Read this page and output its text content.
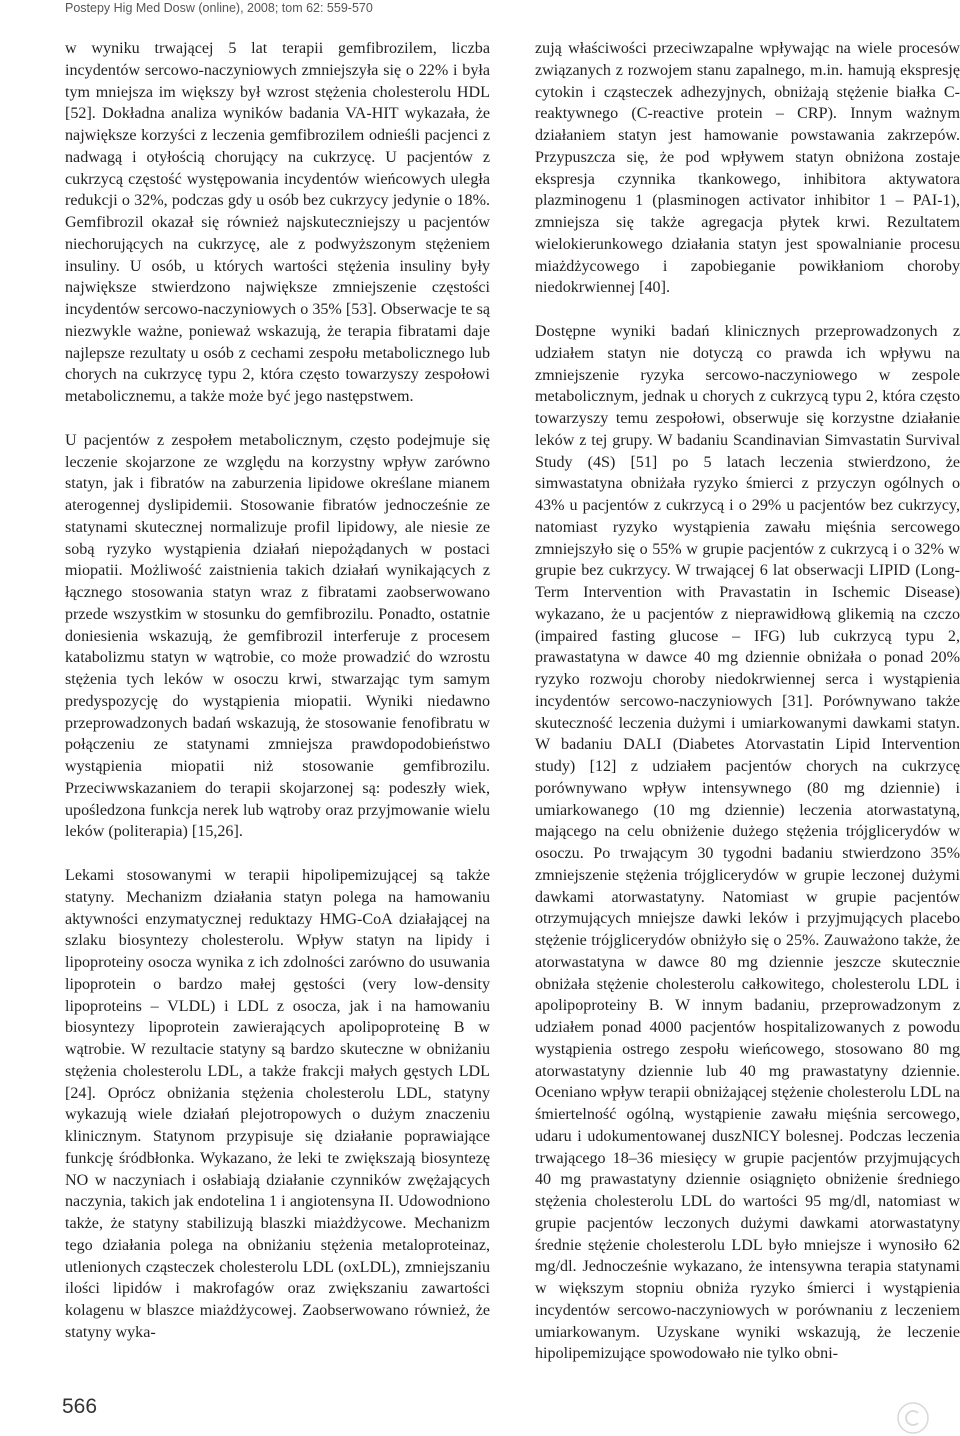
Postepy Hig Med Dosw (online), 2008; tom 62: 559-570

w wyniku trwającej 5 lat terapii gemfibrozilem, liczba incydentów sercowo-naczyniowych zmniejszyła się o 22% i była tym mniejsza im większy był wzrost stężenia cholesterolu HDL [52]. Dokładna analiza wyników badania VA-HIT wykazała, że największe korzyści z leczenia gemfibrozilem odnieśli pacjenci z nadwagą i otyłością chorujący na cukrzycę. U pacjentów z cukrzycą częstość występowania incydentów wieńcowych uległa redukcji o 32%, podczas gdy u osób bez cukrzycy jedynie o 18%. Gemfibrozil okazał się również najskuteczniejszy u pacjentów niechorujących na cukrzycę, ale z podwyższonym stężeniem insuliny. U osób, u których wartości stężenia insuliny były największe stwierdzono największe zmniejszenie częstości incydentów sercowo-naczyniowych o 35% [53]. Obserwacje te są niezwykle ważne, ponieważ wskazują, że terapia fibratami daje najlepsze rezultaty u osób z cechami zespołu metabolicznego lub chorych na cukrzycę typu 2, która często towarzyszy zespołowi metabolicznemu, a także może być jego następstwem.

U pacjentów z zespołem metabolicznym, często podejmuje się leczenie skojarzone ze względu na korzystny wpływ zarówno statyn, jak i fibratów na zaburzenia lipidowe określane mianem aterogennej dyslipidemii. Stosowanie fibratów jednocześnie ze statynami skutecznej normalizuje profil lipidowy, ale niesie ze sobą ryzyko wystąpienia działań niepożądanych w postaci miopatii. Możliwość zaistnienia takich działań wynikających z łącznego stosowania statyn wraz z fibratami zaobserwowano przede wszystkim w stosunku do gemfibrozilu. Ponadto, ostatnie doniesienia wskazują, że gemfibrozil interferuje z procesem katabolizmu statyn w wątrobie, co może prowadzić do wzrostu stężenia tych leków w osoczu krwi, stwarzając tym samym predyspozycję do wystąpienia miopatii. Wyniki niedawno przeprowadzonych badań wskazują, że stosowanie fenofibratu w połączeniu ze statynami zmniejsza prawdopodobieństwo wystąpienia miopatii niż stosowanie gemfibrozilu. Przeciwwskazaniem do terapii skojarzonej są: podeszły wiek, upośledzona funkcja nerek lub wątroby oraz przyjmowanie wielu leków (politerapia) [15,26].

Lekami stosowanymi w terapii hipolipemizującej są także statyny. Mechanizm działania statyn polega na hamowaniu aktywności enzymatycznej reduktazy HMG-CoA działającej na szlaku biosyntezy cholesterolu. Wpływ statyn na lipidy i lipoproteiny osocza wynika z ich zdolności zarówno do usuwania lipoprotein o bardzo małej gęstości (very low-density lipoproteins – VLDL) i LDL z osocza, jak i na hamowaniu biosyntezy lipoprotein zawierających apolipoproteinę B w wątrobie. W rezultacie statyny są bardzo skuteczne w obniżaniu stężenia cholesterolu LDL, a także frakcji małych gęstych LDL [24]. Oprócz obniżania stężenia cholesterolu LDL, statyny wykazują wiele działań plejotropowych o dużym znaczeniu klinicznym. Statynom przypisuje się działanie poprawiające funkcję śródbłonka. Wykazano, że leki te zwiększają biosyntezę NO w naczyniach i osłabiają działanie czynników zwężających naczynia, takich jak endotelina 1 i angiotensyna II. Udowodniono także, że statyny stabilizują blaszki miażdżycowe. Mechanizm tego działania polega na obniżaniu stężenia metaloproteinaz, utlenionych cząsteczek cholesterolu LDL (oxLDL), zmniejszaniu ilości lipidów i makrofagów oraz zwiększaniu zawartości kolagenu w blaszce miażdżycowej. Zaobserwowano również, że statyny wyka-

zują właściwości przeciwzapalne wpływając na wiele procesów związanych z rozwojem stanu zapalnego, m.in. hamują ekspresję cytokin i cząsteczek adhezyjnych, obniżają stężenie białka C-reaktywnego (C-reactive protein – CRP). Innym ważnym działaniem statyn jest hamowanie powstawania zakrzepów. Przypuszcza się, że pod wpływem statyn obniżona zostaje ekspresja czynnika tkankowego, inhibitora aktywatora plazminogenu 1 (plasminogen activator inhibitor 1 – PAI-1), zmniejsza się także agregacja płytek krwi. Rezultatem wielokierunkowego działania statyn jest spowalnianie procesu miażdżycowego i zapobieganie powikłaniom choroby niedokrwiennej [40].

Dostępne wyniki badań klinicznych przeprowadzonych z udziałem statyn nie dotyczą co prawda ich wpływu na zmniejszenie ryzyka sercowo-naczyniowego w zespole metabolicznym, jednak u chorych z cukrzycą typu 2, która często towarzyszy temu zespołowi, obserwuje się korzystne działanie leków z tej grupy. W badaniu Scandinavian Simvastatin Survival Study (4S) [51] po 5 latach leczenia stwierdzono, że simwastatyna obniżała ryzyko śmierci z przyczyn ogólnych o 43% u pacjentów z cukrzycą i o 29% u pacjentów bez cukrzycy, natomiast ryzyko wystąpienia zawału mięśnia sercowego zmniejszyło się o 55% w grupie pacjentów z cukrzycą i o 32% w grupie bez cukrzycy. W trwającej 6 lat obserwacji LIPID (Long-Term Intervention with Pravastatin in Ischemic Disease) wykazano, że u pacjentów z nieprawidłową glikemią na czczo (impaired fasting glucose – IFG) lub cukrzycą typu 2, prawastatyna w dawce 40 mg dziennie obniżała o ponad 20% ryzyko rozwoju choroby niedokrwiennej serca i wystąpienia incydentów sercowo-naczyniowych [31]. Porównywano także skuteczność leczenia dużymi i umiarkowanymi dawkami statyn. W badaniu DALI (Diabetes Atorvastatin Lipid Intervention study) [12] z udziałem pacjentów chorych na cukrzycę porównywano wpływ intensywnego (80 mg dziennie) i umiarkowanego (10 mg dziennie) leczenia atorwastatyną, mającego na celu obniżenie dużego stężenia trójglicerydów w osoczu. Po trwającym 30 tygodni badaniu stwierdzono 35% zmniejszenie stężenia trójglicerydów w grupie leczonej dużymi dawkami atorwastatyny. Natomiast w grupie pacjentów otrzymujących mniejsze dawki leków i przyjmujących placebo stężenie trójglicerydów obniżyło się o 25%. Zauważono także, że atorwastatyna w dawce 80 mg dziennie jeszcze skutecznie obniżała stężenie cholesterolu całkowitego, cholesterolu LDL i apolipoproteiny B. W innym badaniu, przeprowadzonym z udziałem ponad 4000 pacjentów hospitalizowanych z powodu wystąpienia ostrego zespołu wieńcowego, stosowano 80 mg atorwastatyny dziennie lub 40 mg prawastatyny dziennie. Oceniano wpływ terapii obniżającej stężenie cholesterolu LDL na śmiertelność ogólną, wystąpienie zawału mięśnia sercowego, udaru i udokumentowanej duszNICY bolesnej. Podczas leczenia trwającego 18–36 miesięcy w grupie pacjentów przyjmujących 40 mg prawastatyny dziennie osiągnięto obniżenie średniego stężenia cholesterolu LDL do wartości 95 mg/dl, natomiast w grupie pacjentów leczonych dużymi dawkami atorwastatyny średnie stężenie cholesterolu LDL było mniejsze i wynosiło 62 mg/dl. Jednocześnie wykazano, że intensywna terapia statynami w większym stopniu obniża ryzyko śmierci i wystąpienia incydentów sercowo-naczyniowych w porównaniu z leczeniem umiarkowanym. Uzyskane wyniki wskazują, że leczenie hipolipemizujące spowodowało nie tylko obni-

566
